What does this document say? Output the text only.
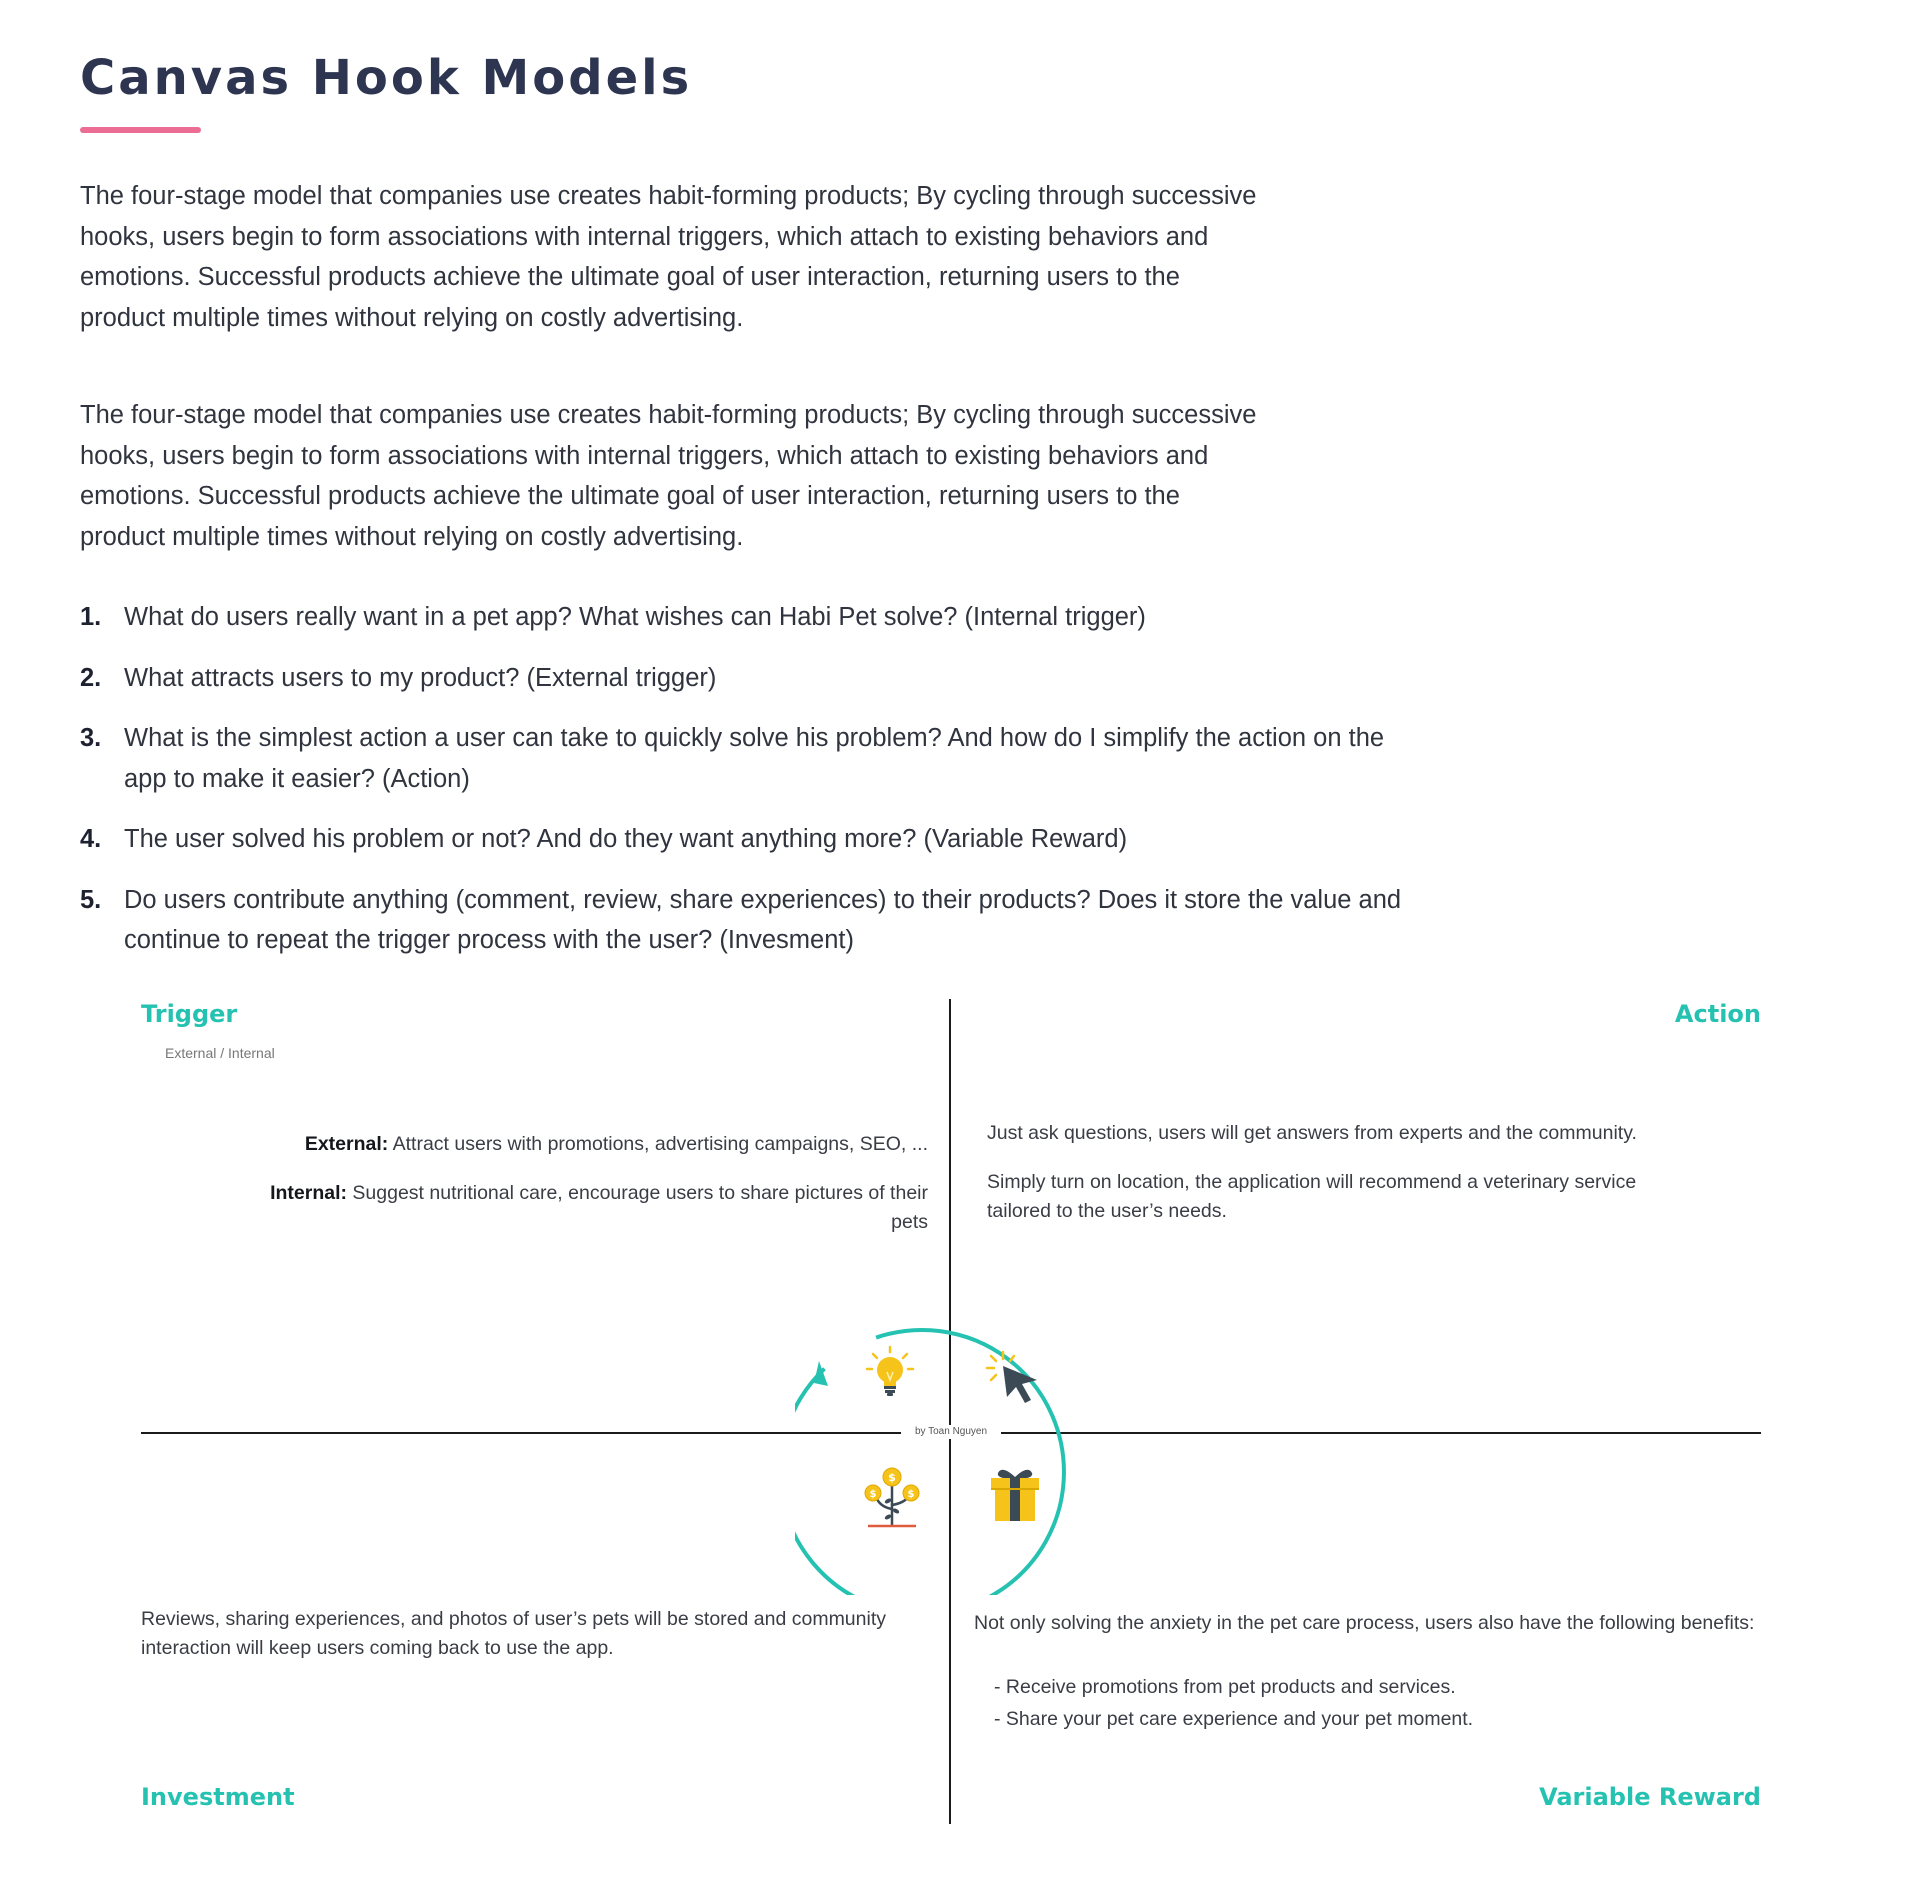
Canvas Hook Models

The four-stage model that companies use creates habit-forming products; By cycling through successive hooks, users begin to form associations with internal triggers, which attach to existing behaviors and emotions. Successful products achieve the ultimate goal of user interaction, returning users to the product multiple times without relying on costly advertising.

The four-stage model that companies use creates habit-forming products; By cycling through successive hooks, users begin to form associations with internal triggers, which attach to existing behaviors and emotions. Successful products achieve the ultimate goal of user interaction, returning users to the product multiple times without relying on costly advertising.

1. What do users really want in a pet app? What wishes can Habi Pet solve? (Internal trigger)
2. What attracts users to my product? (External trigger)
3. What is the simplest action a user can take to quickly solve his problem? And how do I simplify the action on the app to make it easier? (Action)
4. The user solved his problem or not? And do they want anything more? (Variable Reward)
5. Do users contribute anything (comment, review, share experiences) to their products? Does it store the value and continue to repeat the trigger process with the user? (Invesment)
Trigger
External / Internal
Action
Investment	Variable Reward

External: Attract users with promotions, advertising campaigns, SEO, ...

Internal: Suggest nutritional care, encourage users to share pictures of their pets

Just ask questions, users will get answers from experts and the community.

Simply turn on location, the application will recommend a veterinary service tailored to the user’s needs.

Reviews, sharing experiences, and photos of user’s pets will be stored and community interaction will keep users coming back to use the app.

Not only solving the anxiety in the pet care process, users also have the following benefits:

- Receive promotions from pet products and services.

- Share your pet care experience and your pet moment.

by Toan Nguyen
$
$	$
